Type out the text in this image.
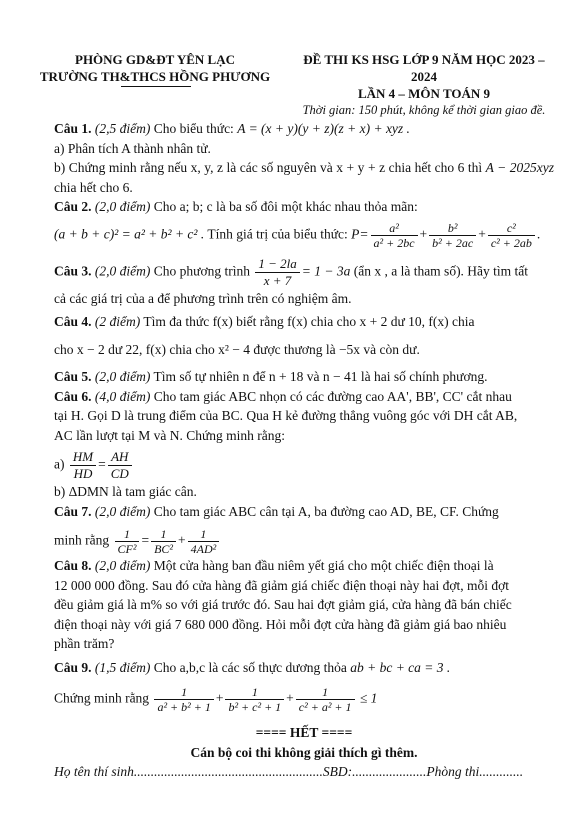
PHÒNG GD&ĐT YÊN LẠC
TRƯỜNG TH&THCS HỒNG PHƯƠNG
ĐỀ THI KS HSG LỚP 9 NĂM HỌC 2023 – 2024
LẦN 4 – MÔN TOÁN 9
Thời gian: 150 phút, không kể thời gian giao đề.

Câu 1. (2,5 điểm) Cho biểu thức: A = (x + y)(y + z)(z + x) + xyz .

a) Phân tích A thành nhân tử.

b) Chứng minh rằng nếu x, y, z là các số nguyên và x + y + z chia hết cho 6 thì A − 2025xyz chia hết cho 6.

Câu 2. (2,0 điểm) Cho a; b; c là ba số đôi một khác nhau thỏa mãn:

(a + b + c)² = a² + b² + c² . Tính giá trị của biểu thức: $P= \frac{\text{a²}}{\text{a² + 2bc}} + \frac{\text{b²}}{\text{b² + 2ac}} + \frac{\text{c²}}{\text{c² + 2ab}}$ .

Câu 3. (2,0 điểm) Cho phương trình $\frac{1 - 2la}{x + 7} = 1 - 3a$ (ẩn x , a là tham số). Hãy tìm tất

cả các giá trị của a để phương trình trên có nghiệm âm.

Câu 4. (2 điểm) Tìm đa thức f(x) biết rằng f(x) chia cho x + 2 dư 10, f(x) chia

cho x − 2 dư 22, f(x) chia cho x² − 4 được thương là −5x và còn dư.

Câu 5. (2,0 điểm) Tìm số tự nhiên n để n + 18 và n − 41 là hai số chính phương.

Câu 6. (4,0 điểm) Cho tam giác ABC nhọn có các đường cao AA', BB', CC' cắt nhau

tại H. Gọi D là trung điểm của BC. Qua H kẻ đường thẳng vuông góc với DH cắt AB,

AC lần lượt tại M và N. Chứng minh rằng:

$a) \frac{HM}{HD} = \frac{AH}{CD}$

b) ΔDMN là tam giác cân.

Câu 7. (2,0 điểm) Cho tam giác ABC cân tại A, ba đường cao AD, BE, CF. Chứng

minh rằng $\frac{1}{\text{CF²}} = \frac{1}{\text{BC²}} + \frac{1}{\text{4AD²}}$

Câu 8. (2,0 điểm) Một cửa hàng ban đầu niêm yết giá cho một chiếc điện thoại là

12 000 000 đồng. Sau đó cửa hàng đã giảm giá chiếc điện thoại này hai đợt, mỗi đợt

đều giảm giá là m% so với giá trước đó. Sau hai đợt giảm giá, cửa hàng đã bán chiếc

điện thoại này với giá 7 680 000 đồng. Hỏi mỗi đợt cửa hàng đã giảm giá bao nhiêu

phần trăm?

Câu 9. (1,5 điểm) Cho a,b,c là các số thực dương thỏa ab + bc + ca = 3 .

Chứng minh rằng $\frac{1}{\text{a² + b² + 1}} + \frac{1}{\text{b² + c² + 1}} + \frac{1}{\text{c² + a² + 1}} \le 1$

==== HẾT ====
Cán bộ coi thi không giải thích gì thêm.
Họ tên thí sinh........................................................SBD:......................Phòng thi.............
